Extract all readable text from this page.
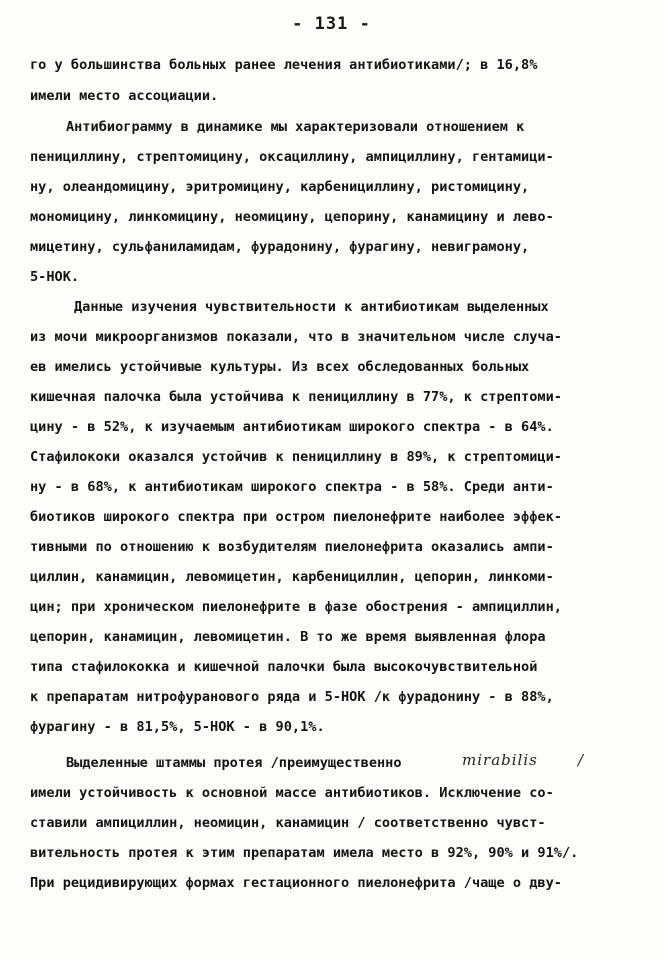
- 131 -
го у большинства больных ранее лечения антибиотиками/; в 16,8%
имели место ассоциации.
Антибиограмму в динамике мы характеризовали отношением к
пенициллину, стрептомицину, оксациллину, ампициллину, гентамици-
ну, олеандомицину, эритромицину, карбенициллину, ристомицину,
мономицину, линкомицину, неомицину, цепорину, канамицину и лево-
мицетину, сульфаниламидам, фурадонину, фурагину, невиграмону,
5-НОК.
Данные изучения чувствительности к антибиотикам выделенных
из мочи микроорганизмов показали, что в значительном числе случа-
ев имелись устойчивые культуры. Из всех обследованных больных
кишечная палочка была устойчива к пенициллину в 77%, к стрептоми-
цину - в 52%, к изучаемым антибиотикам широкого спектра - в 64%.
Стафилококи оказался устойчив к пенициллину в 89%, к стрептомици-
ну - в 68%, к антибиотикам широкого спектра - в 58%. Среди анти-
биотиков широкого спектра при остром пиелонефрите наиболее эффек-
тивными по отношению к возбудителям пиелонефрита оказались ампи-
циллин, канамицин, левомицетин, карбенициллин, цепорин, линкоми-
цин; при хроническом пиелонефрите в фазе обострения - ампициллин,
цепорин, канамицин, левомицетин. В то же время выявленная флора
типа стафилококка и кишечной палочки была высокочувствительной
к препаратам нитрофуранового ряда и 5-НОК /к фурадонину - в 88%,
фурагину - в 81,5%, 5-НОК - в 90,1%.
Выделенные штаммы протея /преимущественно	mirabilis	/
имели устойчивость к основной массе антибиотиков. Исключение со-
ставили ампициллин, неомицин, канамицин / соответственно чувст-
вительность протея к этим препаратам имела место в 92%, 90% и 91%/.
При рецидивирующих формах гестационного пиелонефрита /чаще о дву-
